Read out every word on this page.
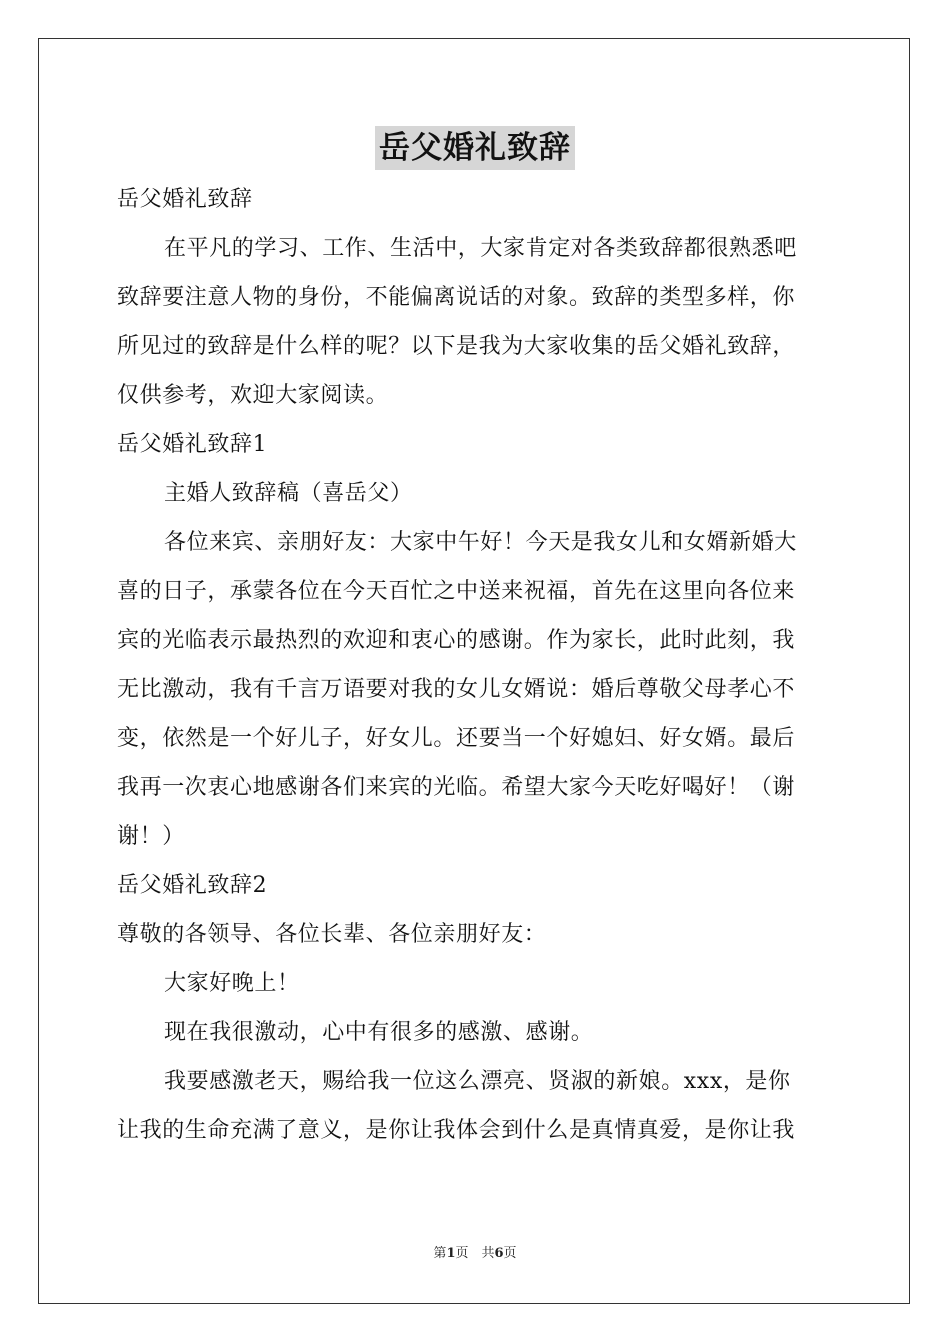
岳父婚礼致辞
岳父婚礼致辞
在平凡的学习、工作、生活中，大家肯定对各类致辞都很熟悉吧
致辞要注意人物的身份，不能偏离说话的对象。致辞的类型多样，你
所见过的致辞是什么样的呢？以下是我为大家收集的岳父婚礼致辞，
仅供参考，欢迎大家阅读。
岳父婚礼致辞1
主婚人致辞稿（喜岳父）
各位来宾、亲朋好友：大家中午好！今天是我女儿和女婿新婚大
喜的日子，承蒙各位在今天百忙之中送来祝福，首先在这里向各位来
宾的光临表示最热烈的欢迎和衷心的感谢。作为家长，此时此刻，我
无比激动，我有千言万语要对我的女儿女婿说：婚后尊敬父母孝心不
变，依然是一个好儿子，好女儿。还要当一个好媳妇、好女婿。最后
我再一次衷心地感谢各们来宾的光临。希望大家今天吃好喝好！（谢
谢！）
岳父婚礼致辞2
尊敬的各领导、各位长辈、各位亲朋好友：
大家好晚上！
现在我很激动，心中有很多的感激、感谢。
我要感激老天，赐给我一位这么漂亮、贤淑的新娘。xxx，是你
让我的生命充满了意义，是你让我体会到什么是真情真爱，是你让我
第1页　共6页
